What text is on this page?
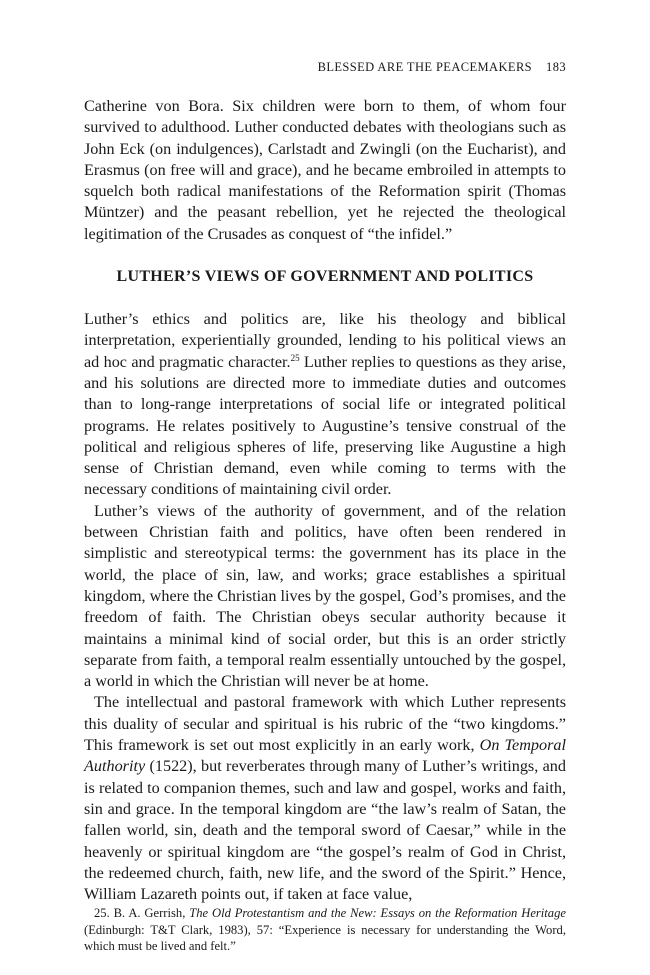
BLESSED ARE THE PEACEMAKERS 183

Catherine von Bora. Six children were born to them, of whom four survived to adulthood. Luther conducted debates with theologians such as John Eck (on indulgences), Carlstadt and Zwingli (on the Eucharist), and Erasmus (on free will and grace), and he became embroiled in attempts to squelch both radical manifestations of the Reformation spirit (Thomas Müntzer) and the peasant rebellion, yet he rejected the theological legitimation of the Crusades as conquest of “the infidel.”

LUTHER’S VIEWS OF GOVERNMENT AND POLITICS

Luther’s ethics and politics are, like his theology and biblical interpretation, experientially grounded, lending to his political views an ad hoc and pragmatic character.$^{25}$ Luther replies to questions as they arise, and his solutions are directed more to immediate duties and outcomes than to long-range interpretations of social life or integrated political programs. He relates positively to Augustine’s tensive construal of the political and religious spheres of life, preserving like Augustine a high sense of Christian demand, even while coming to terms with the necessary conditions of maintaining civil order.

Luther’s views of the authority of government, and of the relation between Christian faith and politics, have often been rendered in simplistic and stereotypical terms: the government has its place in the world, the place of sin, law, and works; grace establishes a spiritual kingdom, where the Christian lives by the gospel, God’s promises, and the freedom of faith. The Christian obeys secular authority because it maintains a minimal kind of social order, but this is an order strictly separate from faith, a temporal realm essentially untouched by the gospel, a world in which the Christian will never be at home.

The intellectual and pastoral framework with which Luther represents this duality of secular and spiritual is his rubric of the “two kingdoms.” This framework is set out most explicitly in an early work, On Temporal Authority (1522), but reverberates through many of Luther’s writings, and is related to companion themes, such and law and gospel, works and faith, sin and grace. In the temporal kingdom are “the law’s realm of Satan, the fallen world, sin, death and the temporal sword of Caesar,” while in the heavenly or spiritual kingdom are “the gospel’s realm of God in Christ, the redeemed church, faith, new life, and the sword of the Spirit.” Hence, William Lazareth points out, if taken at face value,

25. B. A. Gerrish, The Old Protestantism and the New: Essays on the Reformation Heritage (Edinburgh: T&T Clark, 1983), 57: “Experience is necessary for understanding the Word, which must be lived and felt.”
